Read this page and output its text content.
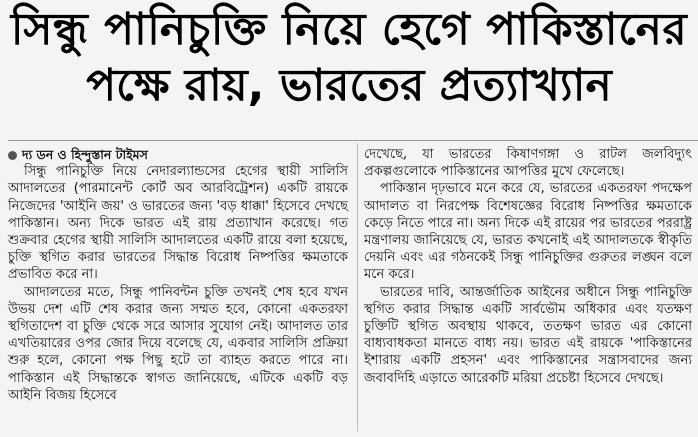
সিন্ধু পানিচুক্তি নিয়ে হেগে পাকিস্তানের
পক্ষে রায়, ভারতের প্রত্যাখ্যান
দ্য ডন ও হিন্দুস্তান টাইমস
সিন্ধু পানিচুক্তি নিয়ে নেদারল্যান্ডসের হেগের স্থায়ী সালিসি আদালতের (পারমানেন্ট কোর্ট অব আরবিট্রেশন) একটি রায়কে নিজেদের 'আইনি জয়' ও ভারতের জন্য 'বড় ধাক্কা' হিসেবে দেখছে পাকিস্তান। অন্য দিকে ভারত এই রায় প্রত্যাখান করেছে। গত শুক্রবার হেগের স্থায়ী সালিসি আদালতের একটি রায়ে বলা হয়েছে, চুক্তি স্থগিত করার ভারতের সিদ্ধান্ত বিরোধ নিষ্পত্তির ক্ষমতাকে প্রভাবিত করে না।
আদালতের মতে, সিন্ধু পানিবন্টন চুক্তি তখনই শেষ হবে যখন উভয় দেশ এটি শেষ করার জন্য সম্মত হবে, কোনো একতরফা স্থগিতাদেশ বা চুক্তি থেকে সরে আসার সুযোগ নেই। আদালত তার এখতিয়ারের ওপর জোর দিয়ে বলেছে যে, একবার সালিসি প্রক্রিয়া শুরু হলে, কোনো পক্ষ পিছু হটে তা ব্যাহত করতে পারে না। পাকিস্তান এই সিদ্ধান্তকে স্বাগত জানিয়েছে, এটিকে একটি বড় আইনি বিজয় হিসেবে
দেখেছে, যা ভারতের কিষাণগঙ্গা ও রাটল জলবিদ্যুৎ প্রকল্পগুলোকে পাকিস্তানের আপত্তির মুখে ফেলেছে।
পাকিস্তান দৃঢ়ভাবে মনে করে যে, ভারতের একতরফা পদক্ষেপ আদালত বা নিরপেক্ষ বিশেষজ্ঞের বিরোধ নিষ্পত্তির ক্ষমতাকে কেড়ে নিতে পারে না। অন্য দিকে এই রায়ের পর ভারতের পররাষ্ট্র মন্ত্রণালয় জানিয়েছে যে, ভারত কখনোই এই আদালতকে স্বীকৃতি দেয়নি এবং এর গঠনকেই সিন্ধু পানিচুক্তির গুরুতর লঙ্ঘন বলে মনে করে।
ভারতের দাবি, আন্তর্জাতিক আইনের অধীনে সিন্ধু পানিচুক্তি স্থগিত করার সিদ্ধান্ত একটি সার্বভৌম অধিকার এবং যতক্ষণ চুক্তিটি স্থগিত অবস্থায় থাকবে, ততক্ষণ ভারত এর কোনো বাধ্যবাধকতা মানতে বাধ্য নয়। ভারত এই রায়কে 'পাকিস্তানের ইশারায় একটি প্রহসন' এবং পাকিস্তানের সন্ত্রাসবাদের জন্য জবাবদিহি এড়াতে আরেকটি মরিয়া প্রচেষ্টা হিসেবে দেখছে।
